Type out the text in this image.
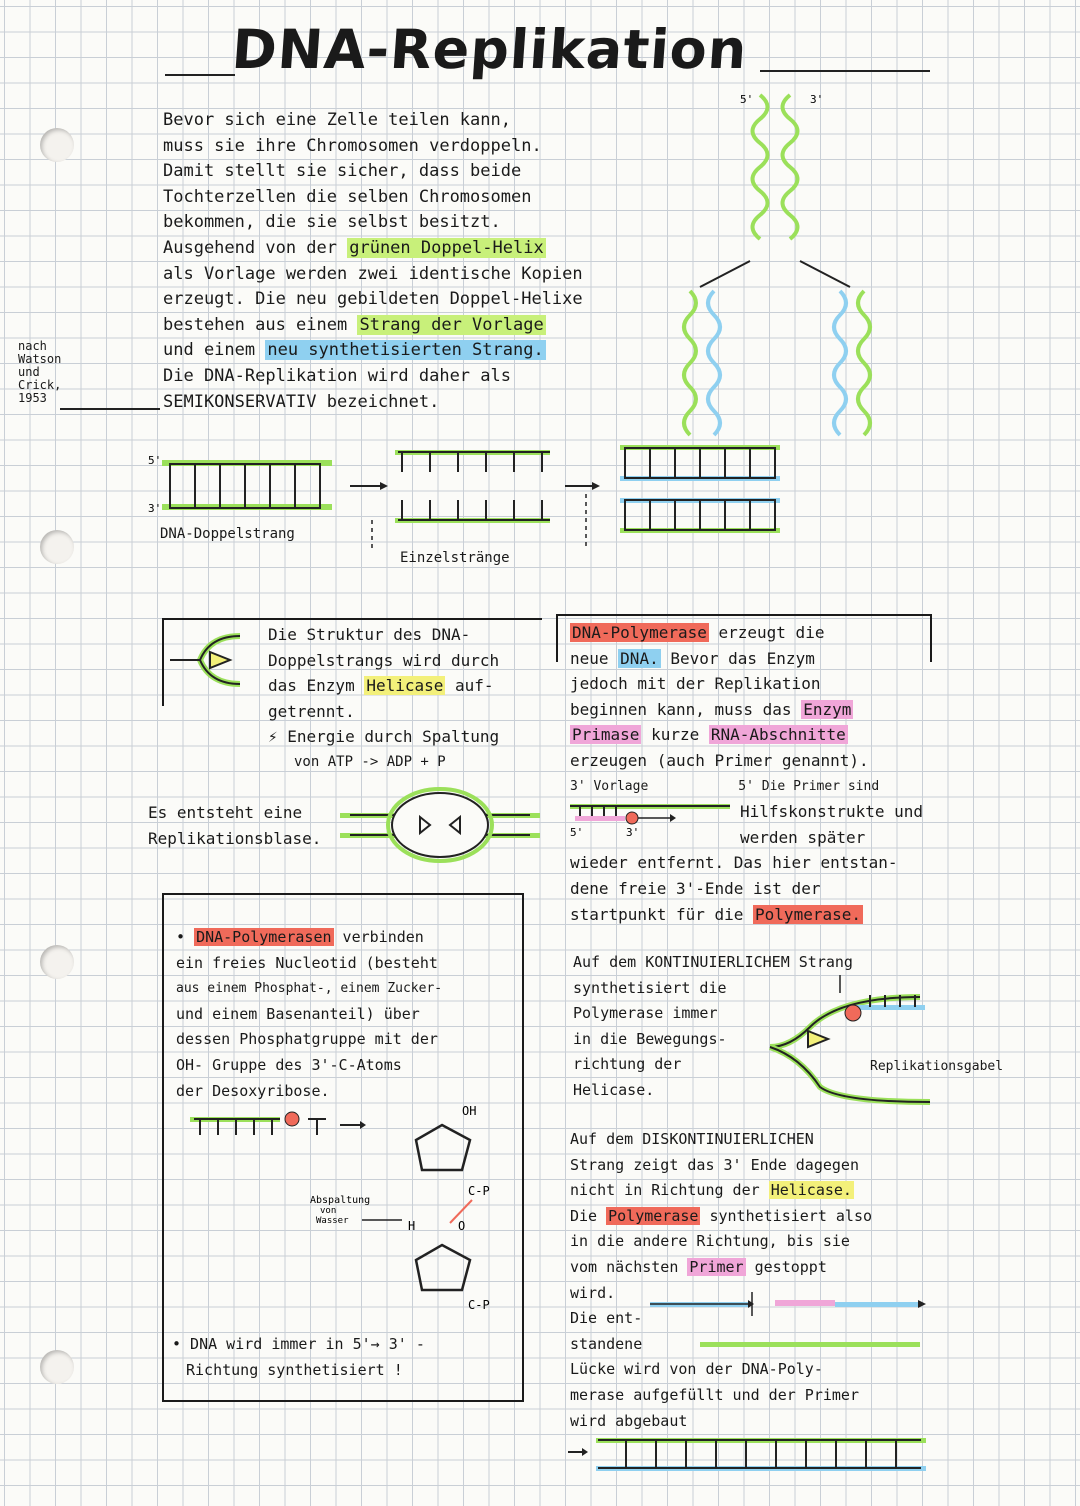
DNA-Replikation
nach
Watson
und
Crick,
1953

Bevor sich eine Zelle teilen kann,

muss sie ihre Chromosomen verdoppeln.

Damit stellt sie sicher, dass beide

Tochterzellen die selben Chromosomen

bekommen, die sie selbst besitzt.

Ausgehend von der grünen Doppel-Helix

als Vorlage werden zwei identische Kopien

erzeugt. Die neu gebildeten Doppel-Helixe

bestehen aus einem Strang der Vorlage

und einem neu synthetisierten Strang.

Die DNA-Replikation wird daher als

SEMIKONSERVATIV bezeichnet.

5'	3'
5'
3'
DNA-Doppelstrang
Einzelstränge

Die Struktur des DNA-

Doppelstrangs wird durch

das Enzym Helicase auf-

getrennt.

⚡ Energie durch Spaltung

von ATP -> ADP + P

Es entsteht eine

Replikationsblase.

DNA-Polymerase erzeugt die

neue DNA. Bevor das Enzym

jedoch mit der Replikation

beginnen kann, muss das Enzym

Primase kurze RNA-Abschnitte

erzeugen (auch Primer genannt).

3' Vorlage	5' Die Primer sind

Hilfskonstrukte und

werden später

wieder entfernt. Das hier entstan-

dene freie 3'-Ende ist der

startpunkt für die Polymerase.

5'	3'

• DNA-Polymerasen verbinden

ein freies Nucleotid (besteht

aus einem Phosphat-, einem Zucker-

und einem Basenanteil) über

dessen Phosphatgruppe mit der

OH- Gruppe des 3'-C-Atoms

der Desoxyribose.

OH
C-P
H	O
C-P
Abspaltung
von
Wasser

• DNA wird immer in 5'→ 3' -

Richtung synthetisiert !

Auf dem KONTINUIERLICHEM Strang

synthetisiert die

Polymerase immer

in die Bewegungs-

richtung der

Helicase.

Replikationsgabel

Auf dem DISKONTINUIERLICHEN

Strang zeigt das 3' Ende dagegen

nicht in Richtung der Helicase.

Die Polymerase synthetisiert also

in die andere Richtung, bis sie

vom nächsten Primer gestoppt

wird.

Die ent-

standene

Lücke wird von der DNA-Poly-

merase aufgefüllt und der Primer

wird abgebaut
